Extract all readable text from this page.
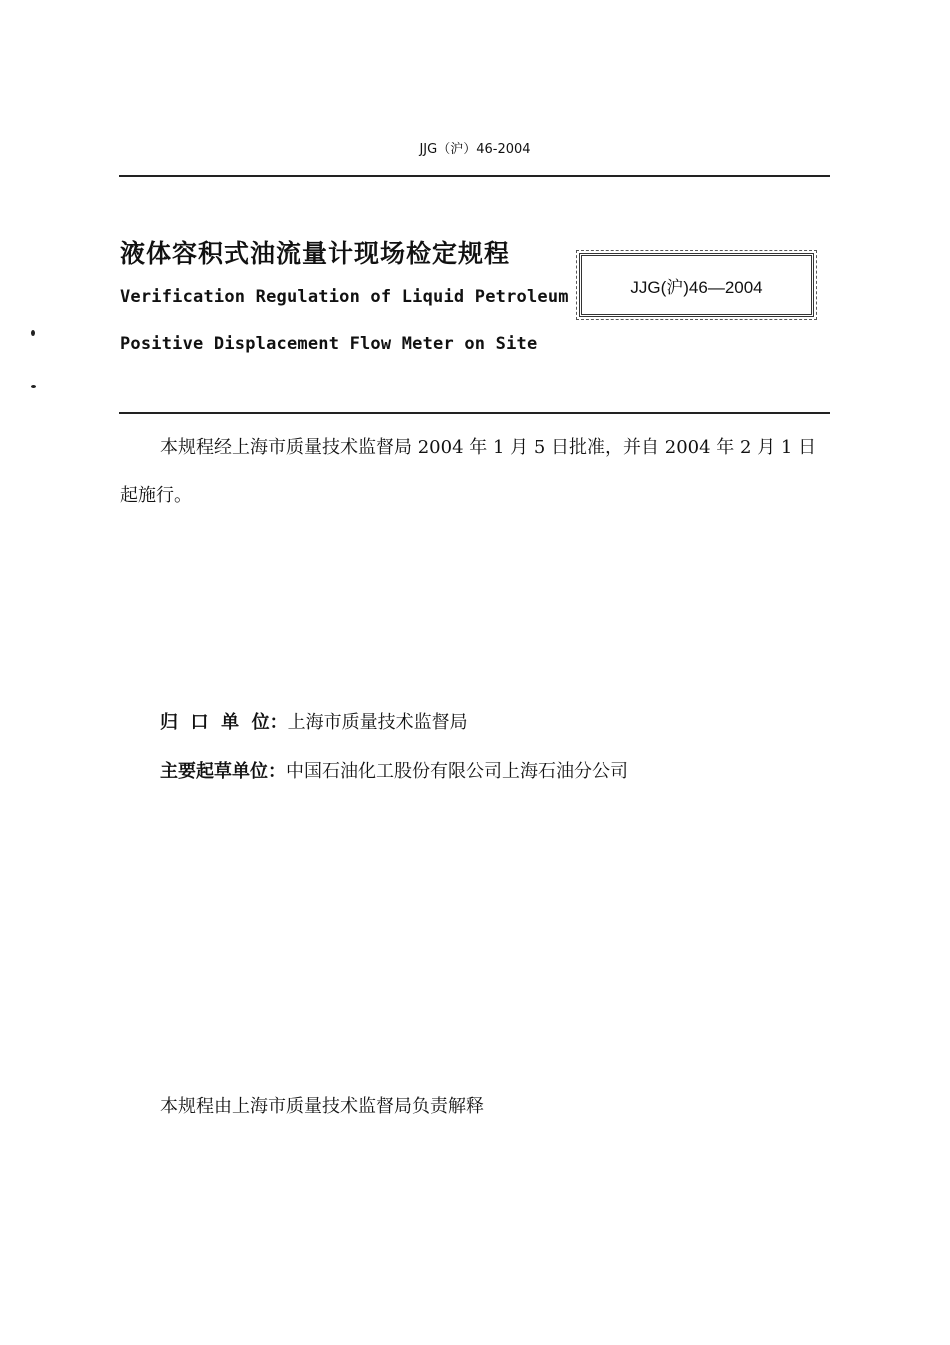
JJG（沪）46-2004
液体容积式油流量计现场检定规程
Verification Regulation of Liquid Petroleum
Positive Displacement Flow Meter on Site
JJG(沪)46—2004
本规程经上海市质量技术监督局 2004 年 1 月 5 日批准，并自 2004 年 2 月 1 日起施行。
归  口  单  位：上海市质量技术监督局
主要起草单位：中国石油化工股份有限公司上海石油分公司
本规程由上海市质量技术监督局负责解释
